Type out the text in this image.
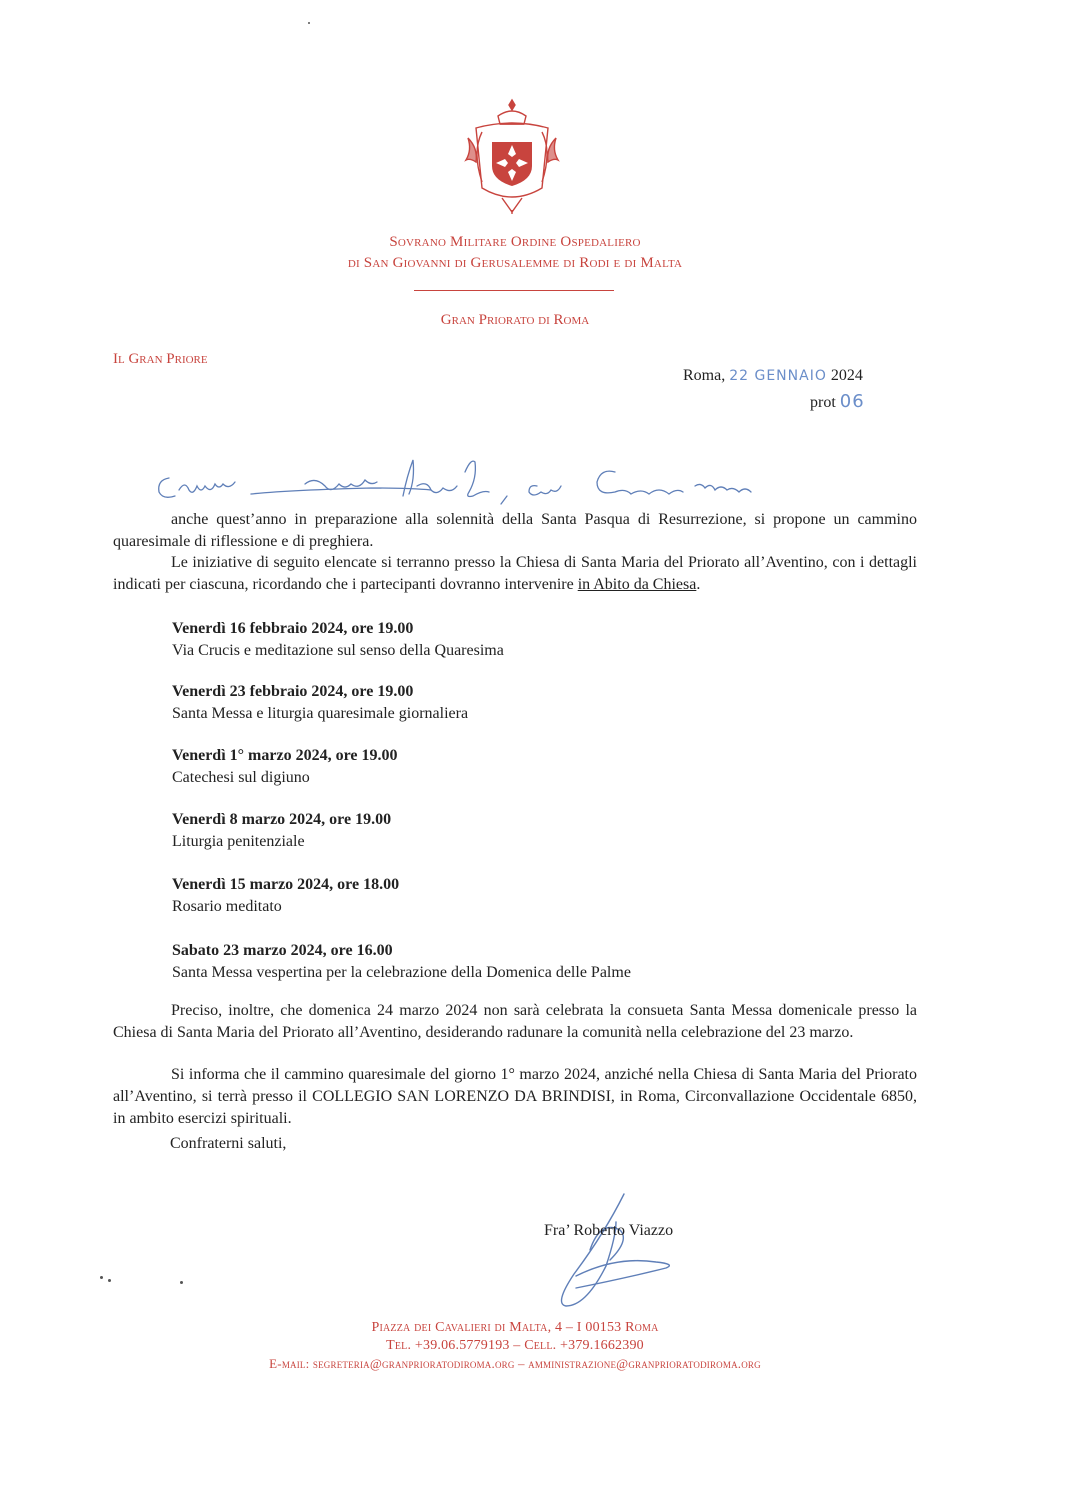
Sovrano Militare Ordine Ospedaliero
di San Giovanni di Gerusalemme di Rodi e di Malta
Gran Priorato di Roma
Il Gran Priore
Roma, 22 GENNAIO 2024
prot 06
anche quest’anno in preparazione alla solennità della Santa Pasqua di Resurrezione, si propone un cammino quaresimale di riflessione e di preghiera.
Le iniziative di seguito elencate si terranno presso la Chiesa di Santa Maria del Priorato all’Aventino, con i dettagli indicati per ciascuna, ricordando che i partecipanti dovranno intervenire in Abito da Chiesa.
Venerdì 16 febbraio 2024, ore 19.00
Via Crucis e meditazione sul senso della Quaresima
Venerdì 23 febbraio 2024, ore 19.00
Santa Messa e liturgia quaresimale giornaliera
Venerdì 1° marzo 2024, ore 19.00
Catechesi sul digiuno
Venerdì 8 marzo 2024, ore 19.00
Liturgia penitenziale
Venerdì 15 marzo 2024, ore 18.00
Rosario meditato
Sabato 23 marzo 2024, ore 16.00
Santa Messa vespertina per la celebrazione della Domenica delle Palme
Preciso, inoltre, che domenica 24 marzo 2024 non sarà celebrata la consueta Santa Messa domenicale presso la Chiesa di Santa Maria del Priorato all’Aventino, desiderando radunare la comunità nella celebrazione del 23 marzo.
Si informa che il cammino quaresimale del giorno 1° marzo 2024, anziché nella Chiesa di Santa Maria del Priorato all’Aventino, si terrà presso il COLLEGIO SAN LORENZO DA BRINDISI, in Roma, Circonvallazione Occidentale 6850, in ambito esercizi spirituali.
Confraterni saluti,
Fra’ Roberto Viazzo
Piazza dei Cavalieri di Malta, 4 – I 00153 Roma
Tel. +39.06.5779193 – Cell. +379.1662390
E-mail: segreteria@granprioratodiroma.org – amministrazione@granprioratodiroma.org
